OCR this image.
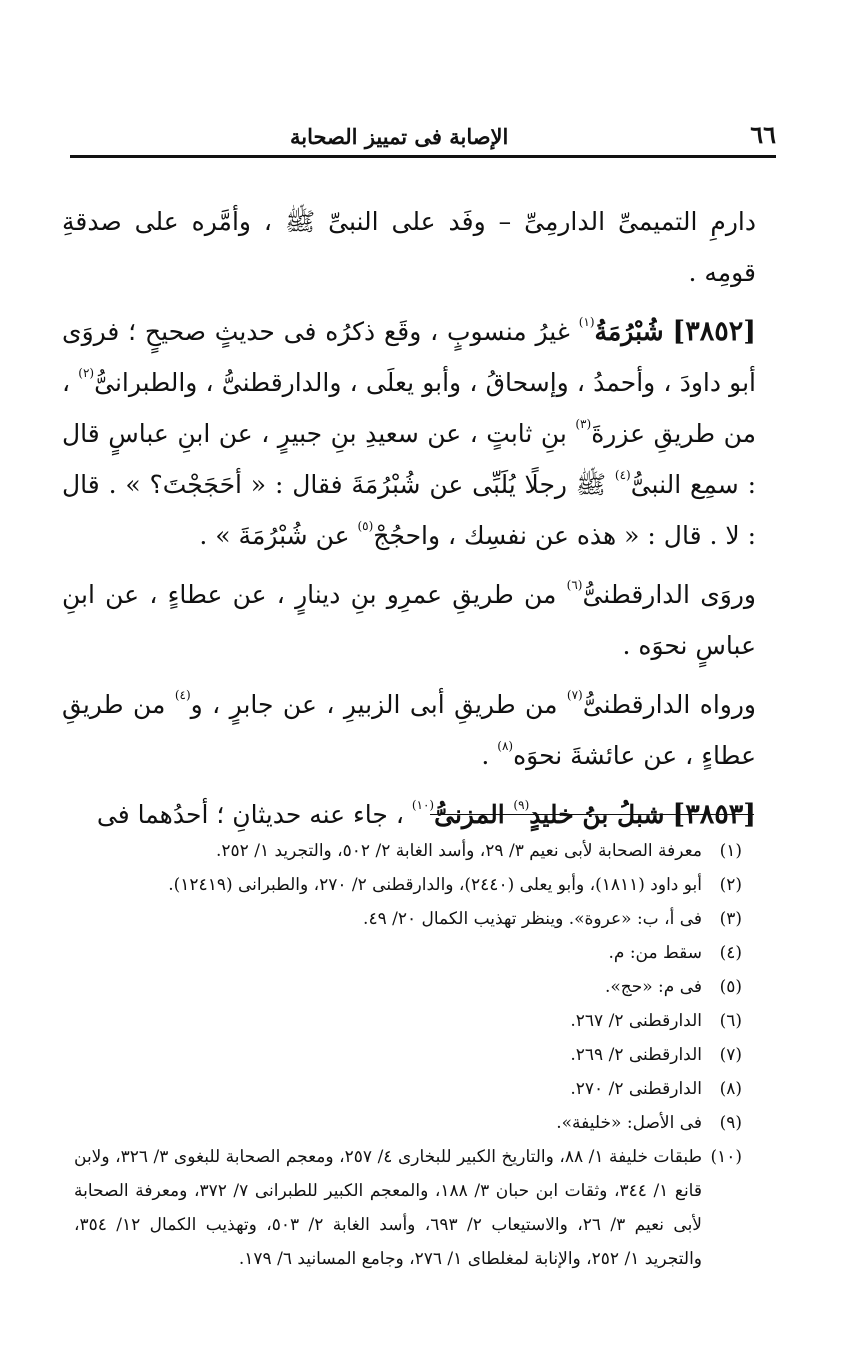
٦٦
الإصابة فى تمييز الصحابة

دارمِ التميمىِّ الدارمِىِّ – وفَد على النبىِّ ﷺ ، وأمَّره على صدقةِ قومِه .

[٣٨٥٢] شُبْرُمَةُ$^{(١)}$ غيرُ منسوبٍ ، وقَع ذكرُه فى حديثٍ صحيحٍ ؛ فروَى أبو داودَ ، وأحمدُ ، وإسحاقُ ، وأبو يعلَى ، والدارقطنىُّ ، والطبرانىُّ$^{(٢)}$ ، من طريقِ عزرةَ$^{(٣)}$ بنِ ثابتٍ ، عن سعيدِ بنِ جبيرٍ ، عن ابنِ عباسٍ قال : سمِع النبىُّ$^{(٤)}$ ﷺ رجلًا يُلَبِّى عن شُبْرُمَةَ فقال : « أحَجَجْتَ؟ » . قال : لا . قال : « هذه عن نفسِك ، واحجُجْ$^{(٥)}$ عن شُبْرُمَةَ » .

وروَى الدارقطنىُّ$^{(٦)}$ من طريقِ عمرِو بنِ دينارٍ ، عن عطاءٍ ، عن ابنِ عباسٍ نحوَه .

ورواه الدارقطنىُّ$^{(٧)}$ من طريقِ أبى الزبيرِ ، عن جابرٍ ، و$^{(٤)}$ من طريقِ عطاءٍ ، عن عائشةَ نحوَه$^{(٨)}$ .

[٣٨٥٣] شبلُ بنُ خليدٍ$^{(٩)}$ المزنىُّ$^{(١٠)}$ ، جاء عنه حديثانِ ؛ أحدُهما فى

(١)
معرفة الصحابة لأبى نعيم ٣/ ٢٩، وأسد الغابة ٢/ ٥٠٢، والتجريد ١/ ٢٥٢.
(٢)
أبو داود (١٨١١)، وأبو يعلى (٢٤٤٠)، والدارقطنى ٢/ ٢٧٠، والطبرانى (١٢٤١٩).
(٣)
فى أ، ب: «عروة». وينظر تهذيب الكمال ٢٠/ ٤٩.
(٤)
سقط من: م.
(٥)
فى م: «حج».
(٦)
الدارقطنى ٢/ ٢٦٧.
(٧)
الدارقطنى ٢/ ٢٦٩.
(٨)
الدارقطنى ٢/ ٢٧٠.
(٩)
فى الأصل: «خليفة».
(١٠)
طبقات خليفة ١/ ٨٨، والتاريخ الكبير للبخارى ٤/ ٢٥٧، ومعجم الصحابة للبغوى ٣/ ٣٢٦، ولابن قانع ١/ ٣٤٤، وثقات ابن حبان ٣/ ١٨٨، والمعجم الكبير للطبرانى ٧/ ٣٧٢، ومعرفة الصحابة لأبى نعيم ٣/ ٢٦، والاستيعاب ٢/ ٦٩٣، وأسد الغابة ٢/ ٥٠٣، وتهذيب الكمال ١٢/ ٣٥٤، والتجريد ١/ ٢٥٢، والإنابة لمغلطاى ١/ ٢٧٦، وجامع المسانيد ٦/ ١٧٩.
